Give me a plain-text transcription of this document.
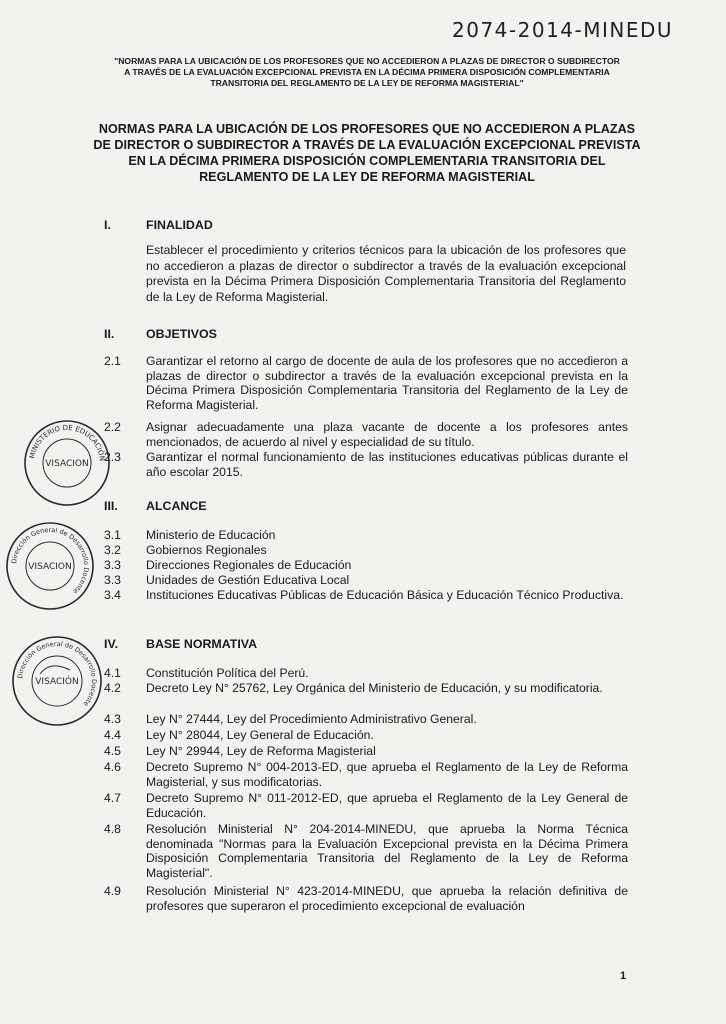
2074-2014-MINEDU
"NORMAS PARA LA UBICACIÓN DE LOS PROFESORES QUE NO ACCEDIERON A PLAZAS DE DIRECTOR O SUBDIRECTOR A TRAVÉS DE LA EVALUACIÓN EXCEPCIONAL PREVISTA EN LA DÉCIMA PRIMERA DISPOSICIÓN COMPLEMENTARIA TRANSITORIA DEL REGLAMENTO DE LA LEY DE REFORMA MAGISTERIAL"
NORMAS PARA LA UBICACIÓN DE LOS PROFESORES QUE NO ACCEDIERON A PLAZAS DE DIRECTOR O SUBDIRECTOR A TRAVÉS DE LA EVALUACIÓN EXCEPCIONAL PREVISTA EN LA DÉCIMA PRIMERA DISPOSICIÓN COMPLEMENTARIA TRANSITORIA DEL REGLAMENTO DE LA LEY DE REFORMA MAGISTERIAL
I.	FINALIDAD
Establecer el procedimiento y criterios técnicos para la ubicación de los profesores que no accedieron a plazas de director o subdirector a través de la evaluación excepcional prevista en la Décima Primera Disposición Complementaria Transitoria del Reglamento de la Ley de Reforma Magisterial.
II.	OBJETIVOS
2.1	Garantizar el retorno al cargo de docente de aula de los profesores que no accedieron a plazas de director o subdirector a través de la evaluación excepcional prevista en la Décima Primera Disposición Complementaria Transitoria del Reglamento de la Ley de Reforma Magisterial.
2.2	Asignar adecuadamente una plaza vacante de docente a los profesores antes mencionados, de acuerdo al nivel y especialidad de su título.
2.3	Garantizar el normal funcionamiento de las instituciones educativas públicas durante el año escolar 2015.
III. ALCANCE
3.1	Ministerio de Educación
3.2	Gobiernos Regionales
3.3	Direcciones Regionales de Educación
3.3	Unidades de Gestión Educativa Local
3.4	Instituciones Educativas Públicas de Educación Básica y Educación Técnico Productiva.
IV. BASE NORMATIVA
4.1	Constitución Política del Perú.
4.2	Decreto Ley N° 25762, Ley Orgánica del Ministerio de Educación, y su modificatoria.
4.3	Ley N° 27444, Ley del Procedimiento Administrativo General.
4.4	Ley N° 28044, Ley General de Educación.
4.5	Ley N° 29944, Ley de Reforma Magisterial
4.6	Decreto Supremo N° 004-2013-ED, que aprueba el Reglamento de la Ley de Reforma Magisterial, y sus modificatorias.
4.7	Decreto Supremo N° 011-2012-ED, que aprueba el Reglamento de la Ley General de Educación.
4.8	Resolución Ministerial N° 204-2014-MINEDU, que aprueba la Norma Técnica denominada "Normas para la Evaluación Excepcional prevista en la Décima Primera Disposición Complementaria Transitoria del Reglamento de la Ley de Reforma Magisterial".
4.9	Resolución Ministerial N° 423-2014-MINEDU, que aprueba la relación definitiva de profesores que superaron el procedimiento excepcional de evaluación
MINISTERIO DE EDUCACIÓN
VISACION
Dirección General de Desarrollo Docente
VISACION
Dirección General de Desarrollo Docente
VISACIÓN
1
